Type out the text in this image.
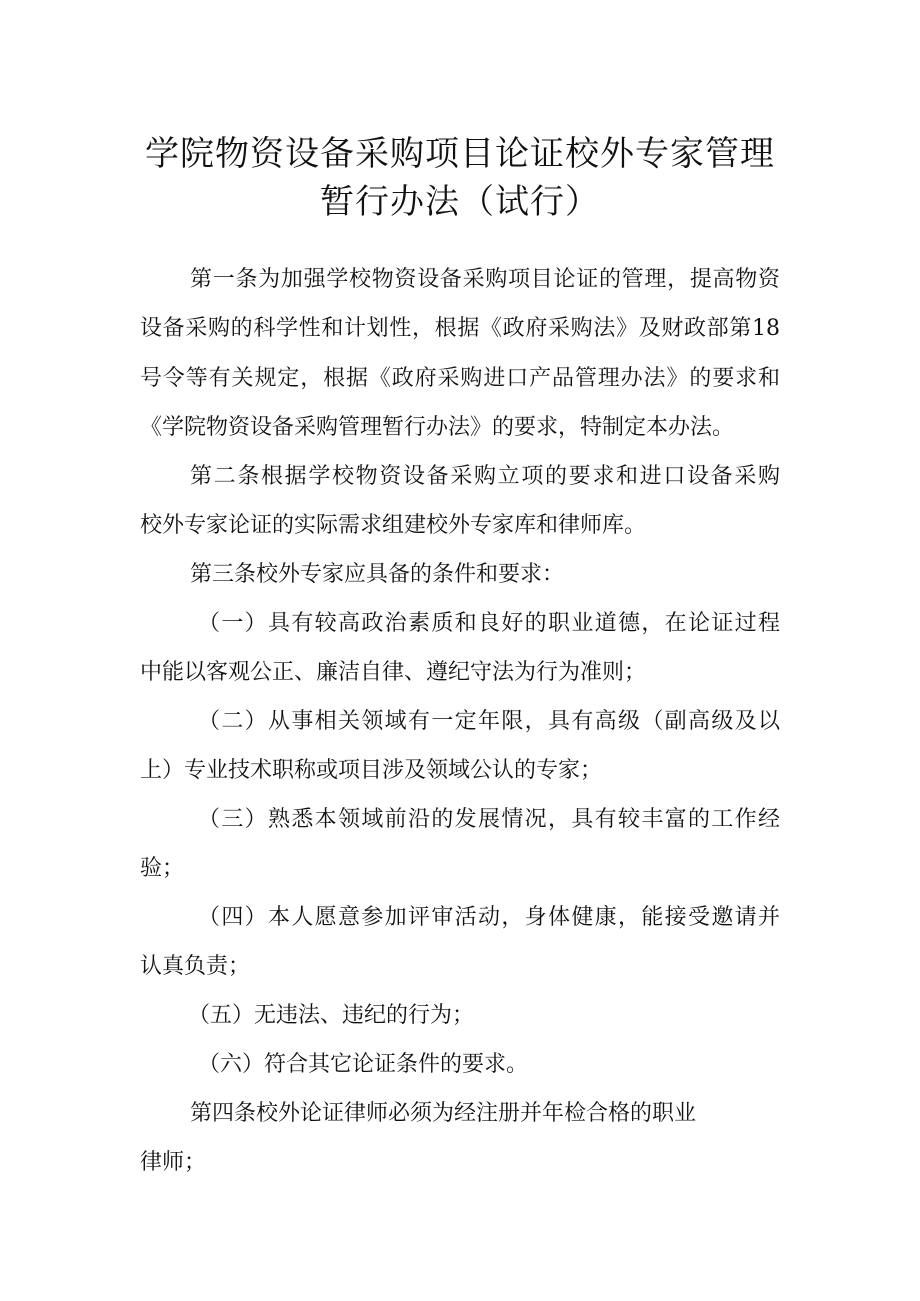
学院物资设备采购项目论证校外专家管理
暂行办法（试行）
第一条为加强学校物资设备采购项目论证的管理，提高物资
设备采购的科学性和计划性，根据《政府采购法》及财政部第18
号令等有关规定，根据《政府采购进口产品管理办法》的要求和
《学院物资设备采购管理暂行办法》的要求，特制定本办法。
第二条根据学校物资设备采购立项的要求和进口设备采购
校外专家论证的实际需求组建校外专家库和律师库。
第三条校外专家应具备的条件和要求：
（一）具有较高政治素质和良好的职业道德，在论证过程
中能以客观公正、廉洁自律、遵纪守法为行为准则；
（二）从事相关领域有一定年限，具有高级（副高级及以
上）专业技术职称或项目涉及领域公认的专家；
（三）熟悉本领域前沿的发展情况，具有较丰富的工作经
验；
（四）本人愿意参加评审活动，身体健康，能接受邀请并
认真负责；
（五）无违法、违纪的行为；
（六）符合其它论证条件的要求。
第四条校外论证律师必须为经注册并年检合格的职业
律师；
